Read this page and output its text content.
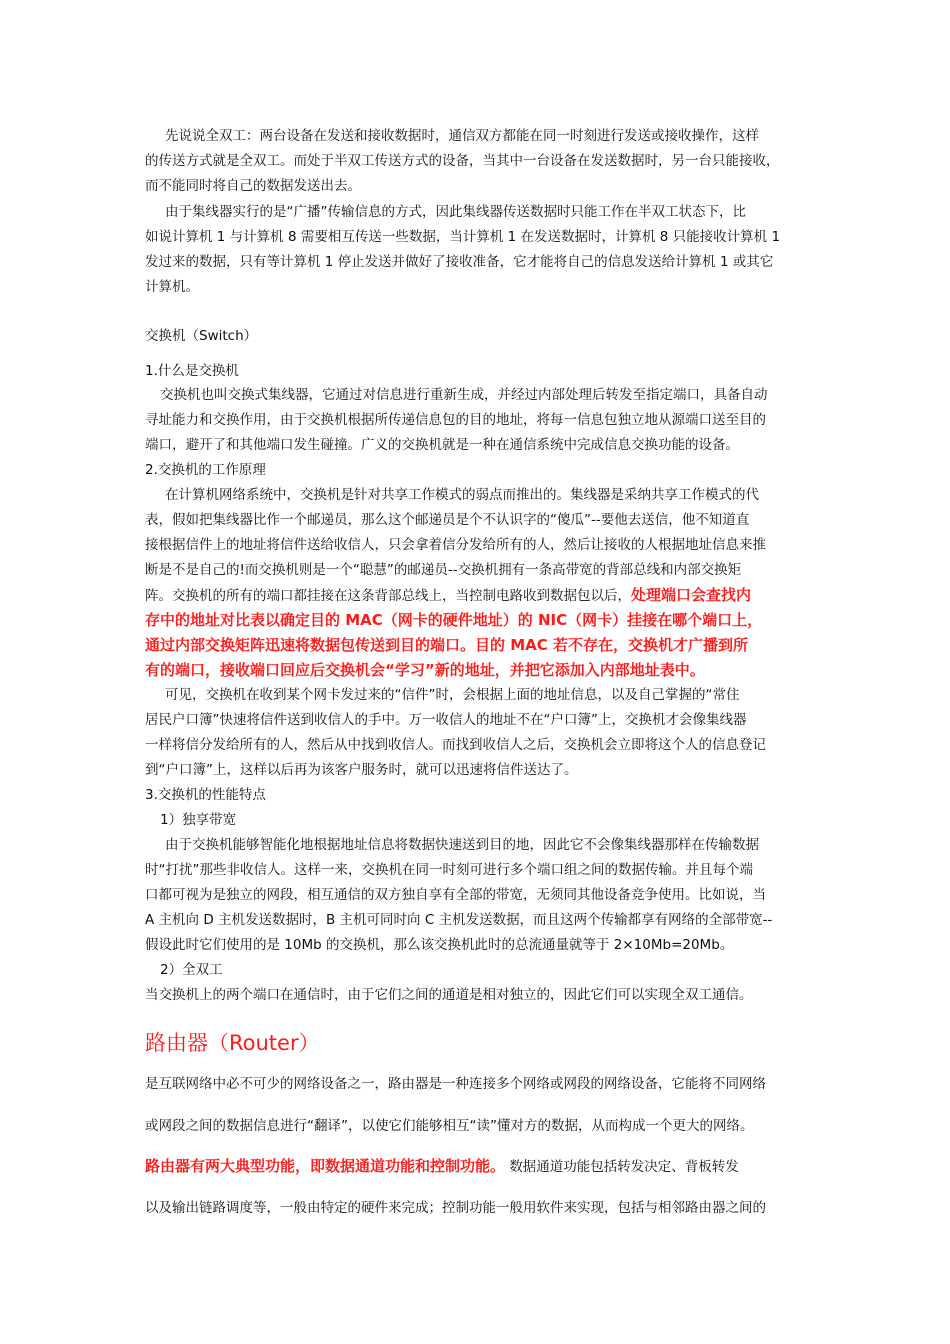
先说说全双工：两台设备在发送和接收数据时，通信双方都能在同一时刻进行发送或接收操作，这样
的传送方式就是全双工。而处于半双工传送方式的设备，当其中一台设备在发送数据时，另一台只能接收，
而不能同时将自己的数据发送出去。
由于集线器实行的是“广播”传输信息的方式，因此集线器传送数据时只能工作在半双工状态下，比
如说计算机 1 与计算机 8 需要相互传送一些数据，当计算机 1 在发送数据时，计算机 8 只能接收计算机 1
发过来的数据，只有等计算机 1 停止发送并做好了接收准备，它才能将自己的信息发送给计算机 1 或其它
计算机。
交换机（Switch）
1.什么是交换机
交换机也叫交换式集线器，它通过对信息进行重新生成，并经过内部处理后转发至指定端口，具备自动
寻址能力和交换作用，由于交换机根据所传递信息包的目的地址，将每一信息包独立地从源端口送至目的
端口，避开了和其他端口发生碰撞。广义的交换机就是一种在通信系统中完成信息交换功能的设备。
2.交换机的工作原理
在计算机网络系统中，交换机是针对共享工作模式的弱点而推出的。集线器是采纳共享工作模式的代
表，假如把集线器比作一个邮递员，那么这个邮递员是个不认识字的“傻瓜”--要他去送信，他不知道直
接根据信件上的地址将信件送给收信人，只会拿着信分发给所有的人，然后让接收的人根据地址信息来推
断是不是自己的!而交换机则是一个“聪慧”的邮递员--交换机拥有一条高带宽的背部总线和内部交换矩
阵。交换机的所有的端口都挂接在这条背部总线上，当控制电路收到数据包以后，处理端口会查找内
存中的地址对比表以确定目的 MAC（网卡的硬件地址）的 NIC（网卡）挂接在哪个端口上，
通过内部交换矩阵迅速将数据包传送到目的端口。目的 MAC 若不存在，交换机才广播到所
有的端口，接收端口回应后交换机会“学习”新的地址，并把它添加入内部地址表中。
可见，交换机在收到某个网卡发过来的“信件”时，会根据上面的地址信息，以及自己掌握的“常住
居民户口簿”快速将信件送到收信人的手中。万一收信人的地址不在“户口簿”上，交换机才会像集线器
一样将信分发给所有的人，然后从中找到收信人。而找到收信人之后，交换机会立即将这个人的信息登记
到“户口簿”上，这样以后再为该客户服务时，就可以迅速将信件送达了。
3.交换机的性能特点
1）独享带宽
由于交换机能够智能化地根据地址信息将数据快速送到目的地，因此它不会像集线器那样在传输数据
时“打扰”那些非收信人。这样一来，交换机在同一时刻可进行多个端口组之间的数据传输。并且每个端
口都可视为是独立的网段，相互通信的双方独自享有全部的带宽，无须同其他设备竞争使用。比如说，当
A 主机向 D 主机发送数据时，B 主机可同时向 C 主机发送数据，而且这两个传输都享有网络的全部带宽--
假设此时它们使用的是 10Mb 的交换机，那么该交换机此时的总流通量就等于 2×10Mb=20Mb。
2）全双工
当交换机上的两个端口在通信时，由于它们之间的通道是相对独立的，因此它们可以实现全双工通信。
路由器（Router）
是互联网络中必不可少的网络设备之一，路由器是一种连接多个网络或网段的网络设备，它能将不同网络
或网段之间的数据信息进行“翻译”，以使它们能够相互“读”懂对方的数据，从而构成一个更大的网络。
路由器有两大典型功能，即数据通道功能和控制功能。 数据通道功能包括转发决定、背板转发
以及输出链路调度等，一般由特定的硬件来完成；控制功能一般用软件来实现，包括与相邻路由器之间的
